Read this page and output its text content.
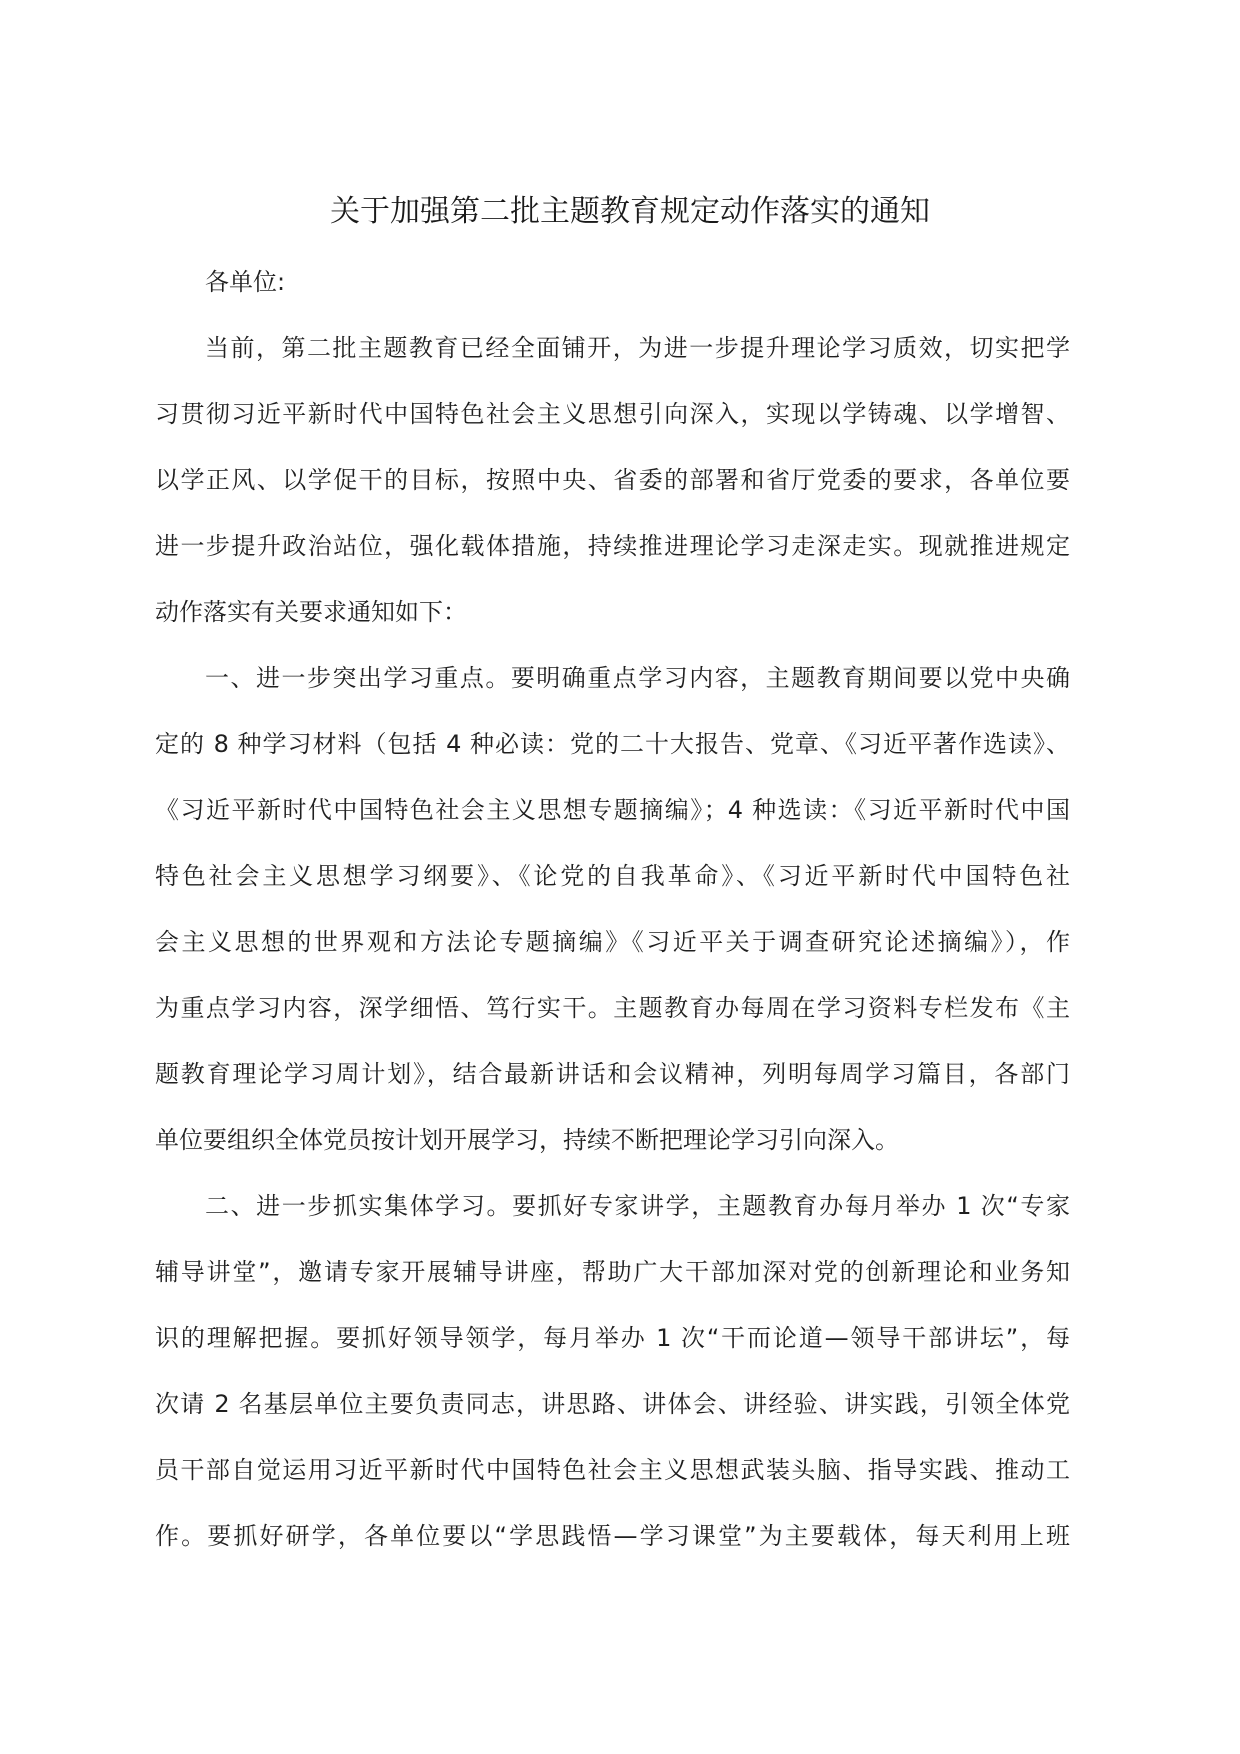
关于加强第二批主题教育规定动作落实的通知
各单位:
当前，第二批主题教育已经全面铺开，为进一步提升理论学习质效，切实把学
习贯彻习近平新时代中国特色社会主义思想引向深入，实现以学铸魂、以学增智、
以学正风、以学促干的目标，按照中央、省委的部署和省厅党委的要求，各单位要
进一步提升政治站位，强化载体措施，持续推进理论学习走深走实。现就推进规定
动作落实有关要求通知如下：
一、进一步突出学习重点。要明确重点学习内容，主题教育期间要以党中央确
定的 8 种学习材料（包括 4 种必读：党的二十大报告、党章、《习近平著作选读》、
《习近平新时代中国特色社会主义思想专题摘编》；4 种选读：《习近平新时代中国
特色社会主义思想学习纲要》、《论党的自我革命》、《习近平新时代中国特色社
会主义思想的世界观和方法论专题摘编》《习近平关于调查研究论述摘编》），作
为重点学习内容，深学细悟、笃行实干。主题教育办每周在学习资料专栏发布《主
题教育理论学习周计划》，结合最新讲话和会议精神，列明每周学习篇目，各部门
单位要组织全体党员按计划开展学习，持续不断把理论学习引向深入。
二、进一步抓实集体学习。要抓好专家讲学，主题教育办每月举办 1 次“专家
辅导讲堂”，邀请专家开展辅导讲座，帮助广大干部加深对党的创新理论和业务知
识的理解把握。要抓好领导领学，每月举办 1 次“干而论道—领导干部讲坛”，每
次请 2 名基层单位主要负责同志，讲思路、讲体会、讲经验、讲实践，引领全体党
员干部自觉运用习近平新时代中国特色社会主义思想武装头脑、指导实践、推动工
作。要抓好研学，各单位要以“学思践悟—学习课堂”为主要载体，每天利用上班
